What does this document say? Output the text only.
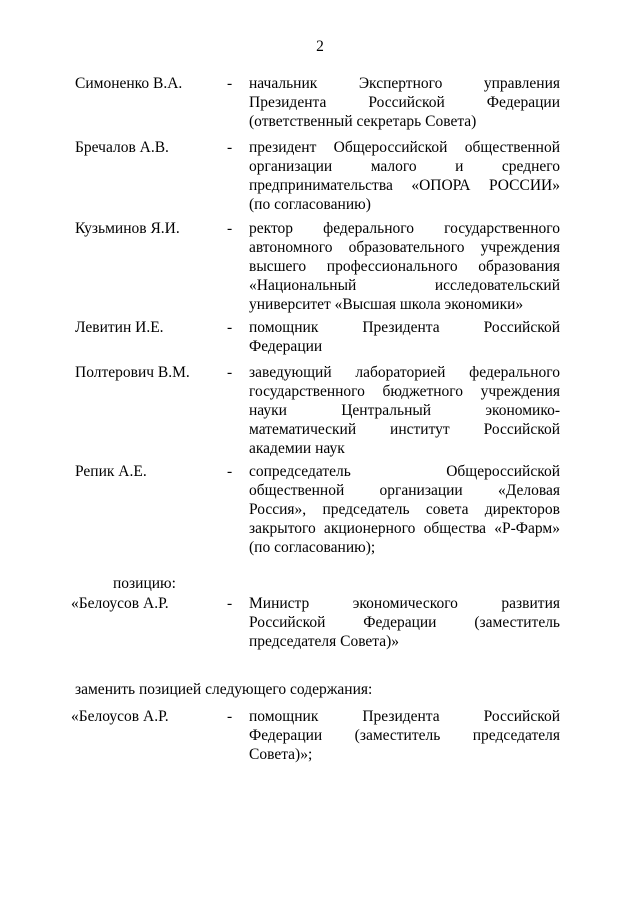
2
Симоненко В.А.	- начальник Экспертного управления
Президента Российской Федерации
(ответственный секретарь Совета)
Бречалов А.В.	- президент Общероссийской общественной
организации малого и среднего
предпринимательства «ОПОРА РОССИИ»
(по согласованию)
Кузьминов Я.И.	- ректор федерального государственного
автономного образовательного учреждения
высшего профессионального образования
«Национальный исследовательский
университет «Высшая школа экономики»
Левитин И.Е.	- помощник Президента Российской
Федерации
Полтерович В.М. - заведующий лабораторией федерального
государственного бюджетного учреждения
науки Центральный экономико-
математический институт Российской
академии наук
Репик А.Е.	- сопредседатель Общероссийской
общественной организации «Деловая
Россия», председатель совета директоров
закрытого акционерного общества «Р-Фарм»
(по согласованию);
позицию:
«Белоусов А.Р.	- Министр экономического развития
Российской Федерации (заместитель
председателя Совета)»
заменить позицией следующего содержания:
«Белоусов А.Р.	- помощник Президента Российской
Федерации (заместитель председателя
Совета)»;
